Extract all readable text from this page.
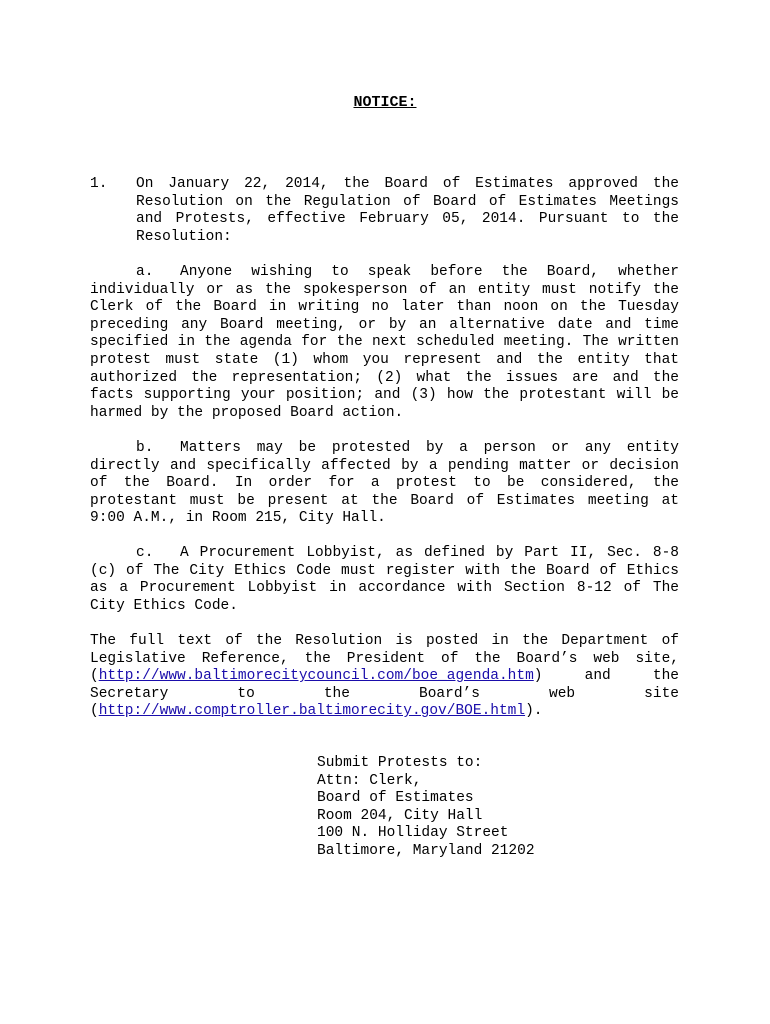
NOTICE:
1. On January 22, 2014, the Board of Estimates approved the Resolution on the Regulation of Board of Estimates Meetings and Protests, effective February 05, 2014. Pursuant to the Resolution:
a. Anyone wishing to speak before the Board, whether individually or as the spokesperson of an entity must notify the Clerk of the Board in writing no later than noon on the Tuesday preceding any Board meeting, or by an alternative date and time specified in the agenda for the next scheduled meeting. The written protest must state (1) whom you represent and the entity that authorized the representation; (2) what the issues are and the facts supporting your position; and (3) how the protestant will be harmed by the proposed Board action.
b. Matters may be protested by a person or any entity directly and specifically affected by a pending matter or decision of the Board. In order for a protest to be considered, the protestant must be present at the Board of Estimates meeting at 9:00 A.M., in Room 215, City Hall.
c. A Procurement Lobbyist, as defined by Part II, Sec. 8-8 (c) of The City Ethics Code must register with the Board of Ethics as a Procurement Lobbyist in accordance with Section 8-12 of The City Ethics Code.
The full text of the Resolution is posted in the Department of Legislative Reference, the President of the Board’s web site, (http://www.baltimorecitycouncil.com/boe_agenda.htm) and the Secretary to the Board’s web site (http://www.comptroller.baltimorecity.gov/BOE.html).
Submit Protests to:
Attn: Clerk,
Board of Estimates
Room 204, City Hall
100 N. Holliday Street
Baltimore, Maryland 21202
